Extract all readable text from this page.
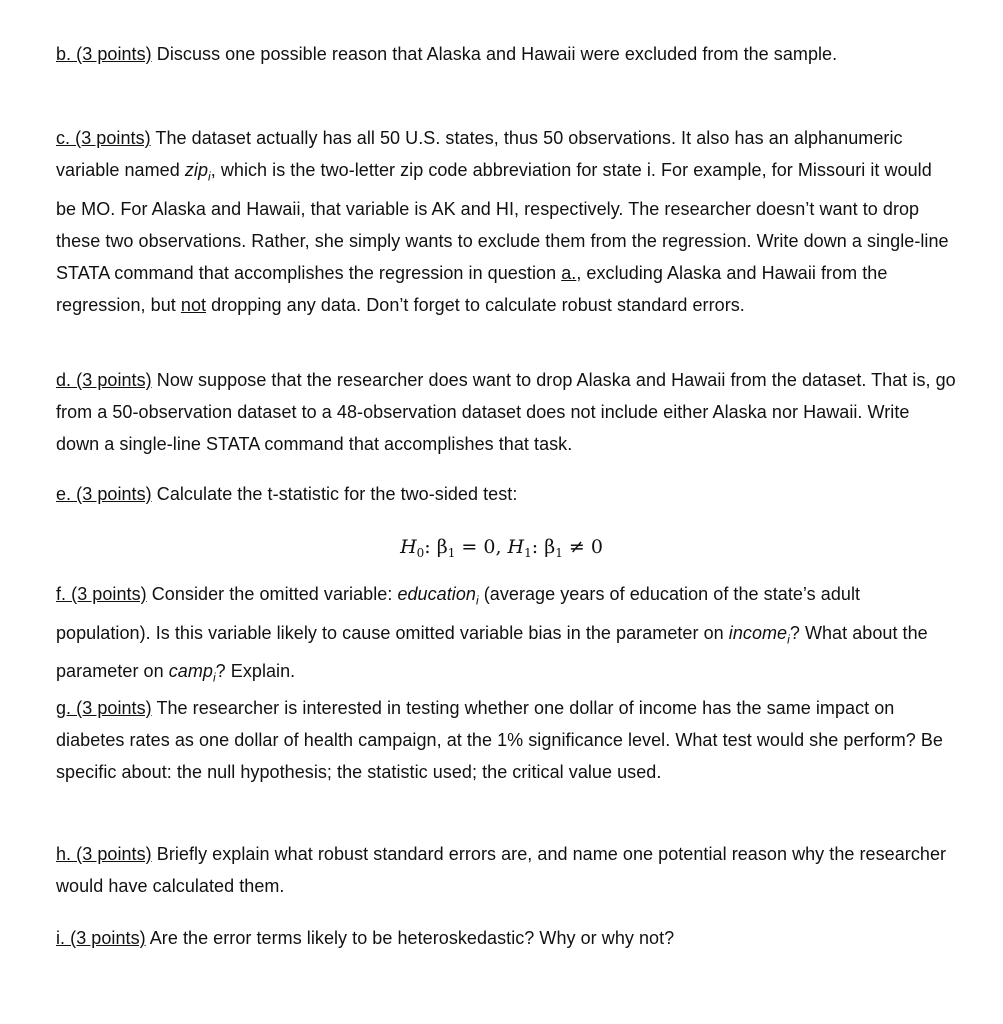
b. (3 points) Discuss one possible reason that Alaska and Hawaii were excluded from the sample.

c. (3 points) The dataset actually has all 50 U.S. states, thus 50 observations. It also has an alphanumeric variable named zip$_i$, which is the two-letter zip code abbreviation for state i. For example, for Missouri it would be MO. For Alaska and Hawaii, that variable is AK and HI, respectively. The researcher doesn’t want to drop these two observations. Rather, she simply wants to exclude them from the regression. Write down a single-line STATA command that accomplishes the regression in question a., excluding Alaska and Hawaii from the regression, but not dropping any data. Don’t forget to calculate robust standard errors.

d. (3 points) Now suppose that the researcher does want to drop Alaska and Hawaii from the dataset. That is, go from a 50-observation dataset to a 48-observation dataset does not include either Alaska nor Hawaii. Write down a single-line STATA command that accomplishes that task.

e. (3 points) Calculate the t-statistic for the two-sided test:

$H_0$: $\beta_1 = 0$, $H_1$: $\beta_1 \ne 0$

f. (3 points) Consider the omitted variable: education$_i$ (average years of education of the state’s adult population). Is this variable likely to cause omitted variable bias in the parameter on income$_i$? What about the parameter on camp$_i$? Explain.

g. (3 points) The researcher is interested in testing whether one dollar of income has the same impact on diabetes rates as one dollar of health campaign, at the 1% significance level. What test would she perform? Be specific about: the null hypothesis; the statistic used; the critical value used.

h. (3 points) Briefly explain what robust standard errors are, and name one potential reason why the researcher would have calculated them.

i. (3 points) Are the error terms likely to be heteroskedastic? Why or why not?
